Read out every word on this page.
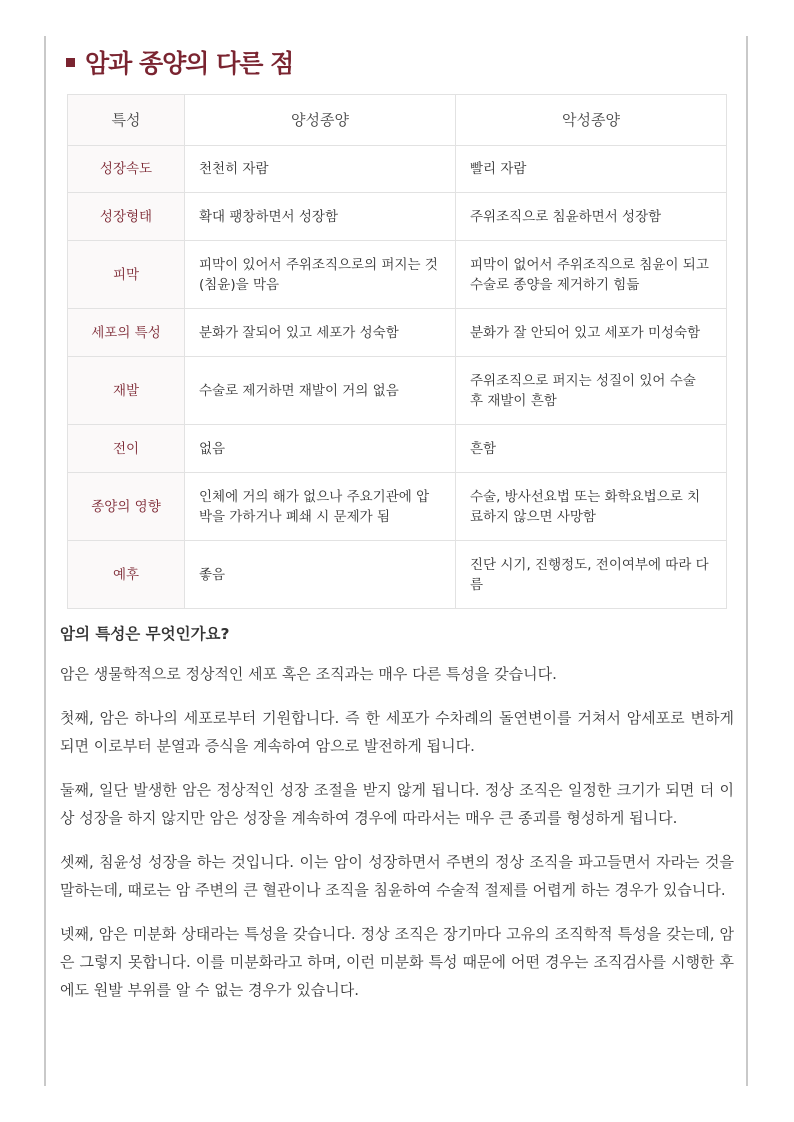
암과 종양의 다른 점
특성	양성종양	악성종양
성장속도	천천히 자람	빨리 자람
성장형태	확대 팽창하면서 성장함	주위조직으로 침윤하면서 성장함
피막	피막이 있어서 주위조직으로의 퍼지는 것(침윤)을 막음	피막이 없어서 주위조직으로 침윤이 되고 수술로 종양을 제거하기 힘듦
세포의 특성	분화가 잘되어 있고 세포가 성숙함	분화가 잘 안되어 있고 세포가 미성숙함
재발	수술로 제거하면 재발이 거의 없음	주위조직으로 퍼지는 성질이 있어 수술 후 재발이 흔함
전이	없음	흔함
종양의 영향	인체에 거의 해가 없으나 주요기관에 압박을 가하거나 폐쇄 시 문제가 됨	수술, 방사선요법 또는 화학요법으로 치료하지 않으면 사망함
예후	좋음	진단 시기, 진행정도, 전이여부에 따라 다름
암의 특성은 무엇인가요?

암은 생물학적으로 정상적인 세포 혹은 조직과는 매우 다른 특성을 갖습니다.

첫째, 암은 하나의 세포로부터 기원합니다. 즉 한 세포가 수차례의 돌연변이를 거쳐서 암세포로 변하게 되면 이로부터 분열과 증식을 계속하여 암으로 발전하게 됩니다.

둘째, 일단 발생한 암은 정상적인 성장 조절을 받지 않게 됩니다. 정상 조직은 일정한 크기가 되면 더 이상 성장을 하지 않지만 암은 성장을 계속하여 경우에 따라서는 매우 큰 종괴를 형성하게 됩니다.

셋째, 침윤성 성장을 하는 것입니다. 이는 암이 성장하면서 주변의 정상 조직을 파고들면서 자라는 것을 말하는데, 때로는 암 주변의 큰 혈관이나 조직을 침윤하여 수술적 절제를 어렵게 하는 경우가 있습니다.

넷째, 암은 미분화 상태라는 특성을 갖습니다. 정상 조직은 장기마다 고유의 조직학적 특성을 갖는데, 암은 그렇지 못합니다. 이를 미분화라고 하며, 이런 미분화 특성 때문에 어떤 경우는 조직검사를 시행한 후에도 원발 부위를 알 수 없는 경우가 있습니다.
